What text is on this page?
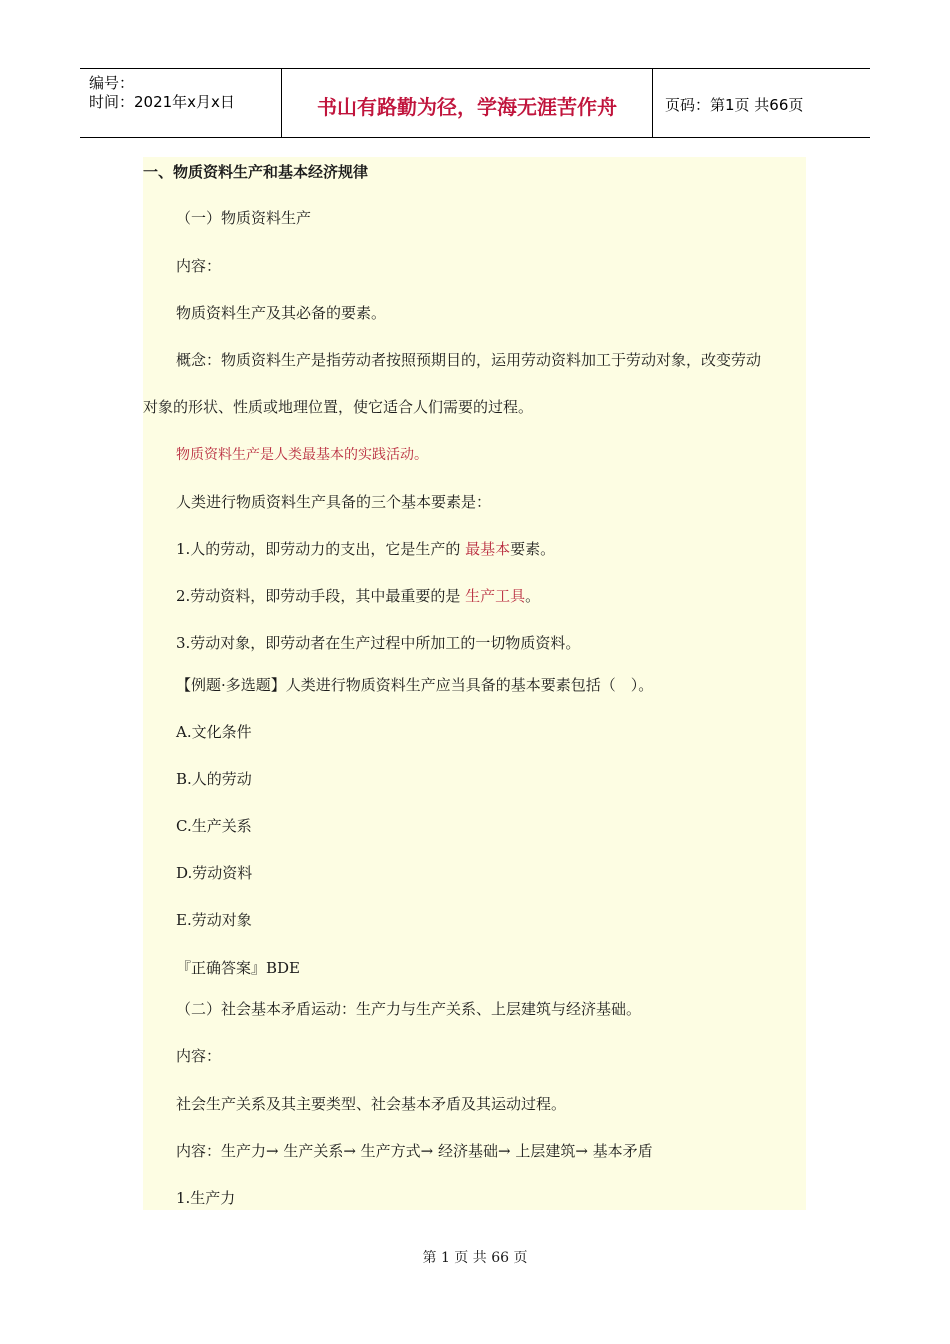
编号：
时间：2021年x月x日	书山有路勤为径，学海无涯苦作舟	页码：第1页 共66页
一、物质资料生产和基本经济规律
（一）物质资料生产
内容：
物质资料生产及其必备的要素。
概念：物质资料生产是指劳动者按照预期目的，运用劳动资料加工于劳动对象，改变劳动
对象的形状、性质或地理位置，使它适合人们需要的过程。
物质资料生产是人类最基本的实践活动。
人类进行物质资料生产具备的三个基本要素是：
1.人的劳动，即劳动力的支出，它是生产的 最基本要素。
2.劳动资料，即劳动手段，其中最重要的是 生产工具。
3.劳动对象，即劳动者在生产过程中所加工的一切物质资料。
【例题·多选题】人类进行物质资料生产应当具备的基本要素包括（　）。
A.文化条件
B.人的劳动
C.生产关系
D.劳动资料
E.劳动对象
『正确答案』BDE
（二）社会基本矛盾运动：生产力与生产关系、上层建筑与经济基础。
内容：
社会生产关系及其主要类型、社会基本矛盾及其运动过程。
内容：生产力→ 生产关系→ 生产方式→ 经济基础→ 上层建筑→ 基本矛盾
1.生产力
第 1 页 共 66 页
